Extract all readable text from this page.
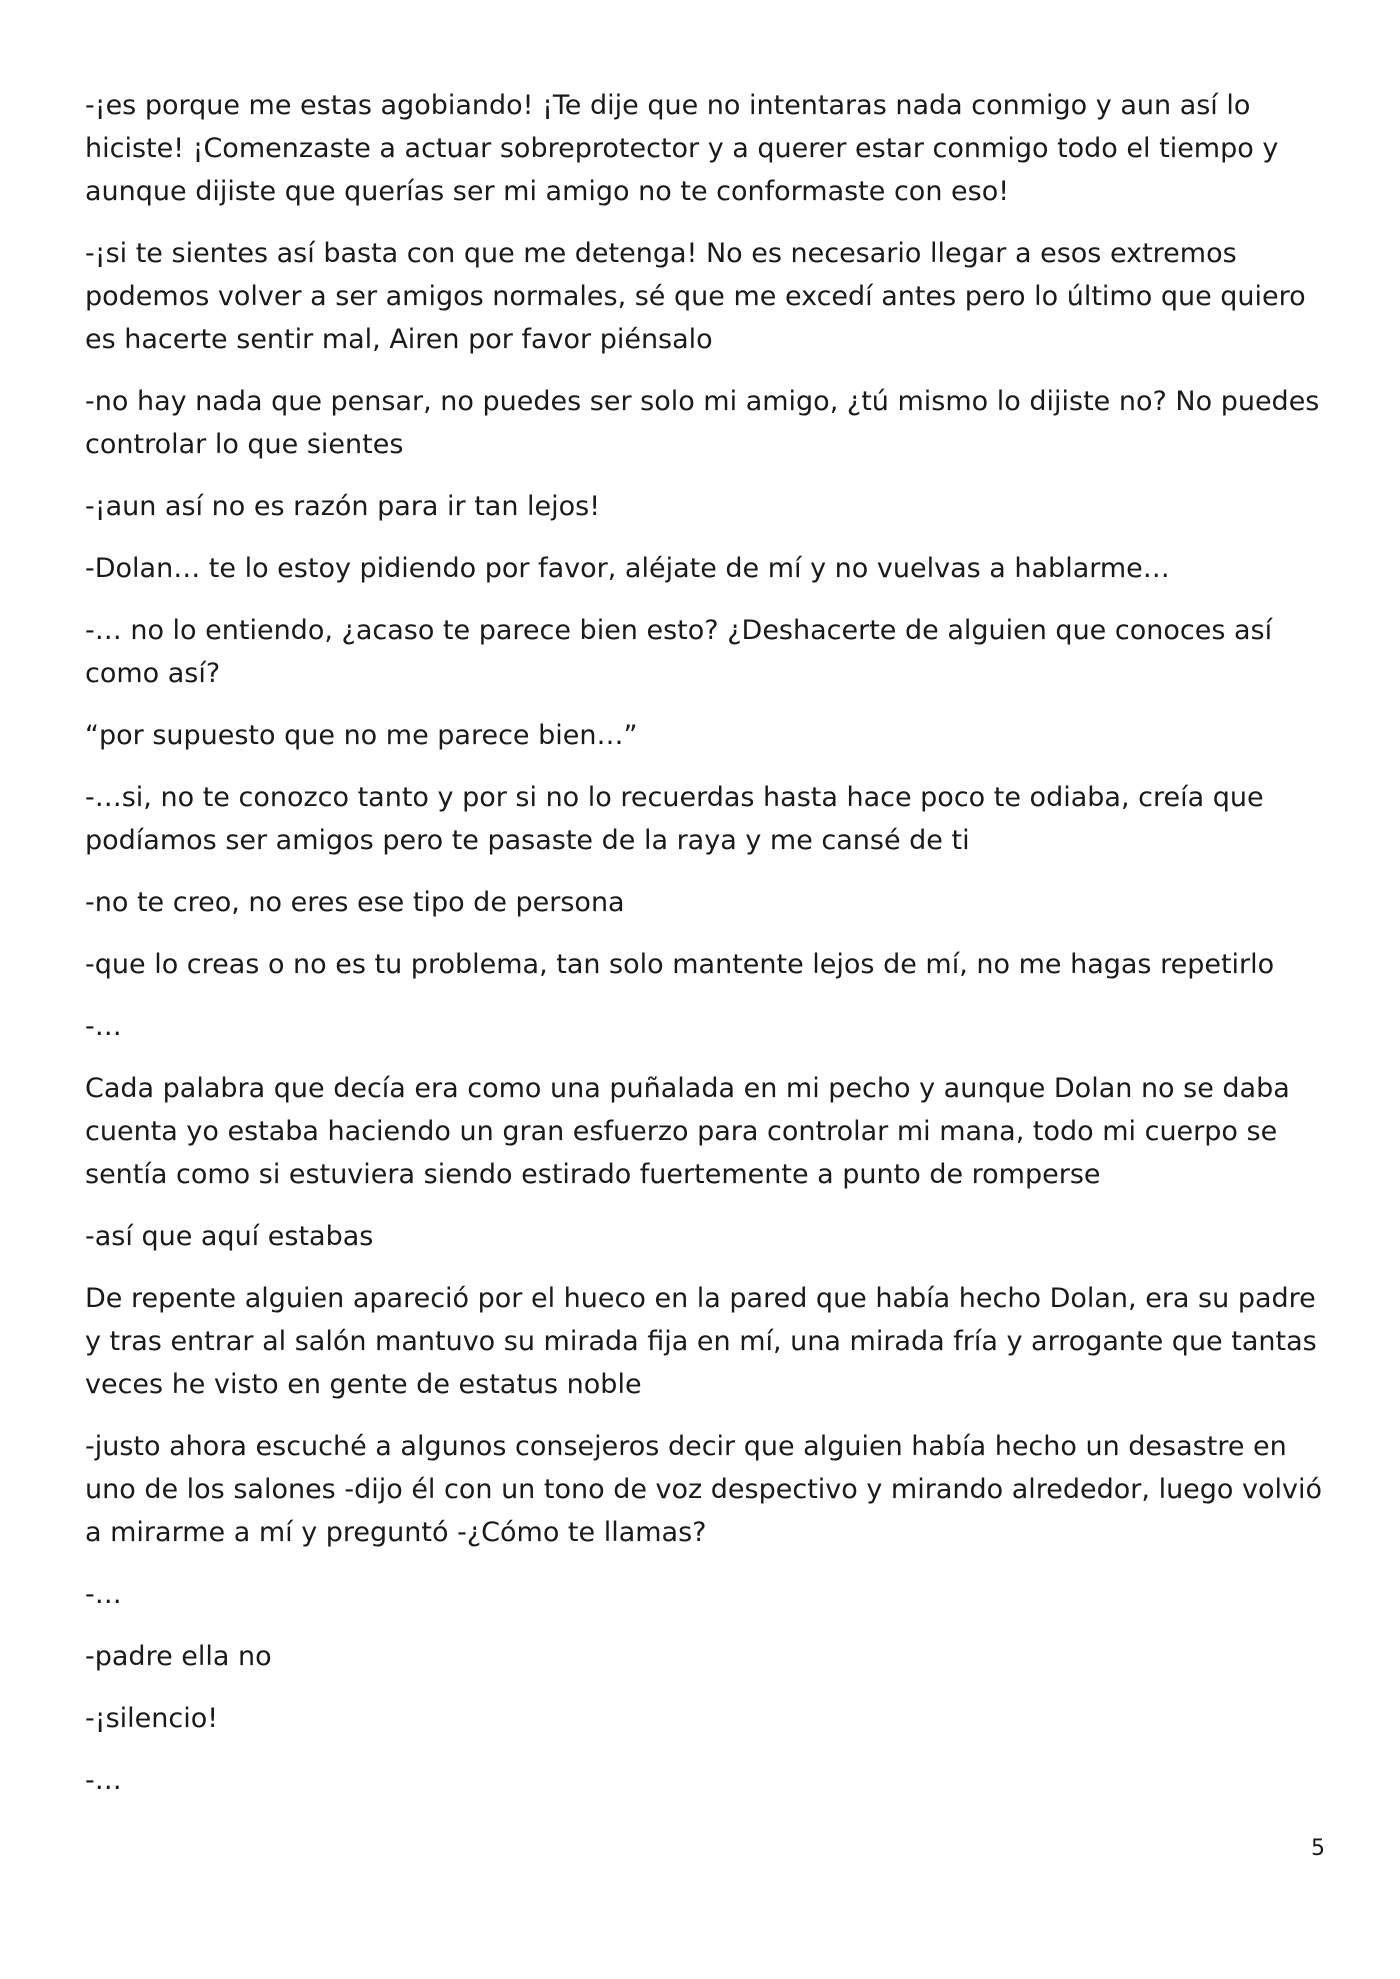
-¡es porque me estas agobiando! ¡Te dije que no intentaras nada conmigo y aun así lo hiciste! ¡Comenzaste a actuar sobreprotector y a querer estar conmigo todo el tiempo y aunque dijiste que querías ser mi amigo no te conformaste con eso!

-¡si te sientes así basta con que me detenga! No es necesario llegar a esos extremos podemos volver a ser amigos normales, sé que me excedí antes pero lo último que quiero es hacerte sentir mal, Airen por favor piénsalo

-no hay nada que pensar, no puedes ser solo mi amigo, ¿tú mismo lo dijiste no? No puedes controlar lo que sientes

-¡aun así no es razón para ir tan lejos!

-Dolan… te lo estoy pidiendo por favor, aléjate de mí y no vuelvas a hablarme…

-… no lo entiendo, ¿acaso te parece bien esto? ¿Deshacerte de alguien que conoces así como así?

“por supuesto que no me parece bien…”

-…si, no te conozco tanto y por si no lo recuerdas hasta hace poco te odiaba, creía que podíamos ser amigos pero te pasaste de la raya y me cansé de ti

-no te creo, no eres ese tipo de persona

-que lo creas o no es tu problema, tan solo mantente lejos de mí, no me hagas repetirlo

-…

Cada palabra que decía era como una puñalada en mi pecho y aunque Dolan no se daba cuenta yo estaba haciendo un gran esfuerzo para controlar mi mana, todo mi cuerpo se sentía como si estuviera siendo estirado fuertemente a punto de romperse

-así que aquí estabas

De repente alguien apareció por el hueco en la pared que había hecho Dolan, era su padre y tras entrar al salón mantuvo su mirada fija en mí, una mirada fría y arrogante que tantas veces he visto en gente de estatus noble

-justo ahora escuché a algunos consejeros decir que alguien había hecho un desastre en uno de los salones -dijo él con un tono de voz despectivo y mirando alrededor, luego volvió a mirarme a mí y preguntó -¿Cómo te llamas?

-…

-padre ella no

-¡silencio!

-…

5
